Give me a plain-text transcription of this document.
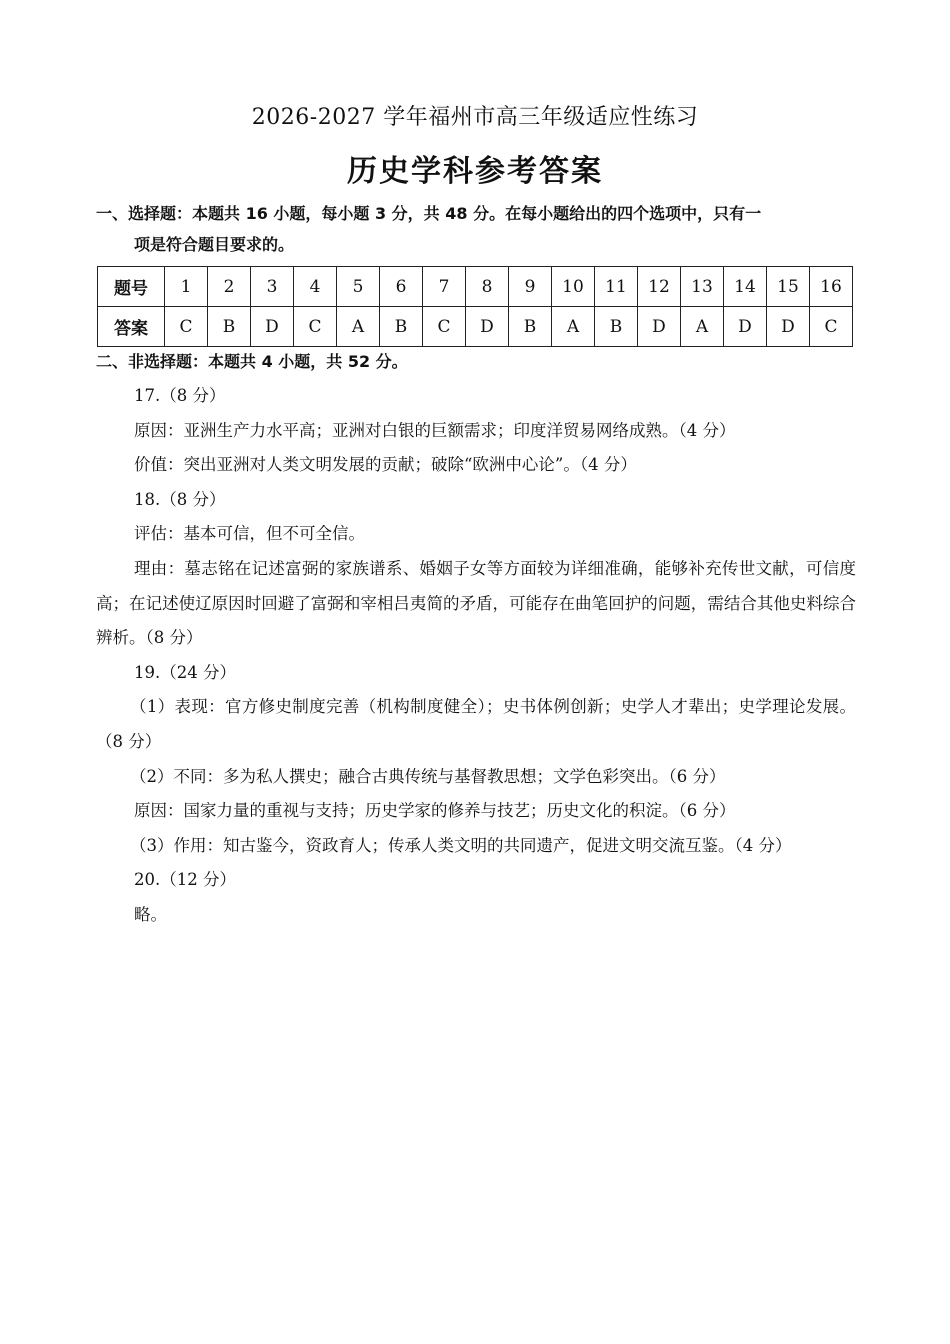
2026-2027 学年福州市高三年级适应性练习
历史学科参考答案
一、选择题：本题共 16 小题，每小题 3 分，共 48 分。在每小题给出的四个选项中，只有一
项是符合题目要求的。
题号	1	2	3	4	5	6	7	8	9	10	11	12	13	14	15	16
答案	C	B	D	C	A	B	C	D	B	A	B	D	A	D	D	C
二、非选择题：本题共 4 小题，共 52 分。

17.（8 分）

原因：亚洲生产力水平高；亚洲对白银的巨额需求；印度洋贸易网络成熟。（4 分）

价值：突出亚洲对人类文明发展的贡献；破除“欧洲中心论”。（4 分）

18.（8 分）

评估：基本可信，但不可全信。

理由：墓志铭在记述富弼的家族谱系、婚姻子女等方面较为详细准确，能够补充传世文献，可信度高；在记述使辽原因时回避了富弼和宰相吕夷简的矛盾，可能存在曲笔回护的问题，需结合其他史料综合辨析。（8 分）

19.（24 分）

（1）表现：官方修史制度完善（机构制度健全）；史书体例创新；史学人才辈出；史学理论发展。（8 分）

（2）不同：多为私人撰史；融合古典传统与基督教思想；文学色彩突出。（6 分）

原因：国家力量的重视与支持；历史学家的修养与技艺；历史文化的积淀。（6 分）

（3）作用：知古鉴今，资政育人；传承人类文明的共同遗产，促进文明交流互鉴。（4 分）

20.（12 分）

略。
